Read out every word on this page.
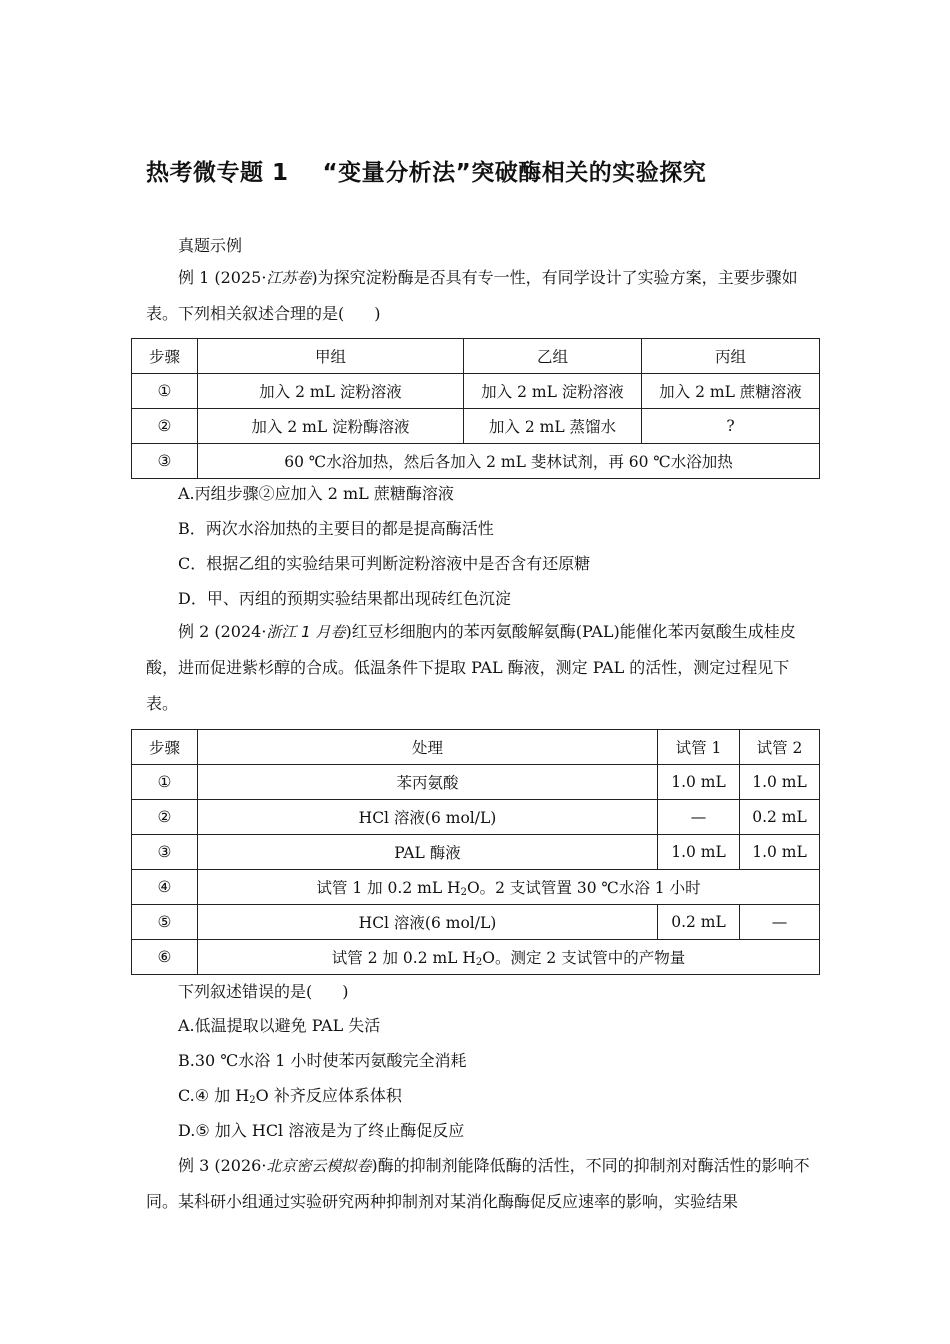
热考微专题 1 “变量分析法”突破酶相关的实验探究
真题示例

例 1 (2025·江苏卷)为探究淀粉酶是否具有专一性，有同学设计了实验方案，主要步骤如表。下列相关叙述合理的是( )

步骤	甲组	乙组	丙组
①	加入 2 mL 淀粉溶液	加入 2 mL 淀粉溶液	加入 2 mL 蔗糖溶液
②	加入 2 mL 淀粉酶溶液	加入 2 mL 蒸馏水	?
③	60 ℃水浴加热，然后各加入 2 mL 斐林试剂，再 60 ℃水浴加热		
A.丙组步骤②应加入 2 mL 蔗糖酶溶液
B．两次水浴加热的主要目的都是提高酶活性
C．根据乙组的实验结果可判断淀粉溶液中是否含有还原糖
D．甲、丙组的预期实验结果都出现砖红色沉淀

例 2 (2024·浙江 1 月卷)红豆杉细胞内的苯丙氨酸解氨酶(PAL)能催化苯丙氨酸生成桂皮酸，进而促进紫杉醇的合成。低温条件下提取 PAL 酶液，测定 PAL 的活性，测定过程见下表。

步骤	处理	试管 1	试管 2
①	苯丙氨酸	1.0 mL	1.0 mL
②	HCl 溶液(6 mol/L)	—	0.2 mL
③	PAL 酶液	1.0 mL	1.0 mL
④	试管 1 加 0.2 mL $H_2O$。2 支试管置 30 ℃水浴 1 小时		
⑤	HCl 溶液(6 mol/L)	0.2 mL	—
⑥	试管 2 加 0.2 mL $H_2O$。测定 2 支试管中的产物量		
下列叙述错误的是( )
A.低温提取以避免 PAL 失活
B.30 ℃水浴 1 小时使苯丙氨酸完全消耗
C.④ 加 $H_2O$ 补齐反应体系体积
D.⑤ 加入 HCl 溶液是为了终止酶促反应

例 3 (2026·北京密云模拟卷)酶的抑制剂能降低酶的活性，不同的抑制剂对酶活性的影响不同。某科研小组通过实验研究两种抑制剂对某消化酶酶促反应速率的影响，实验结果
